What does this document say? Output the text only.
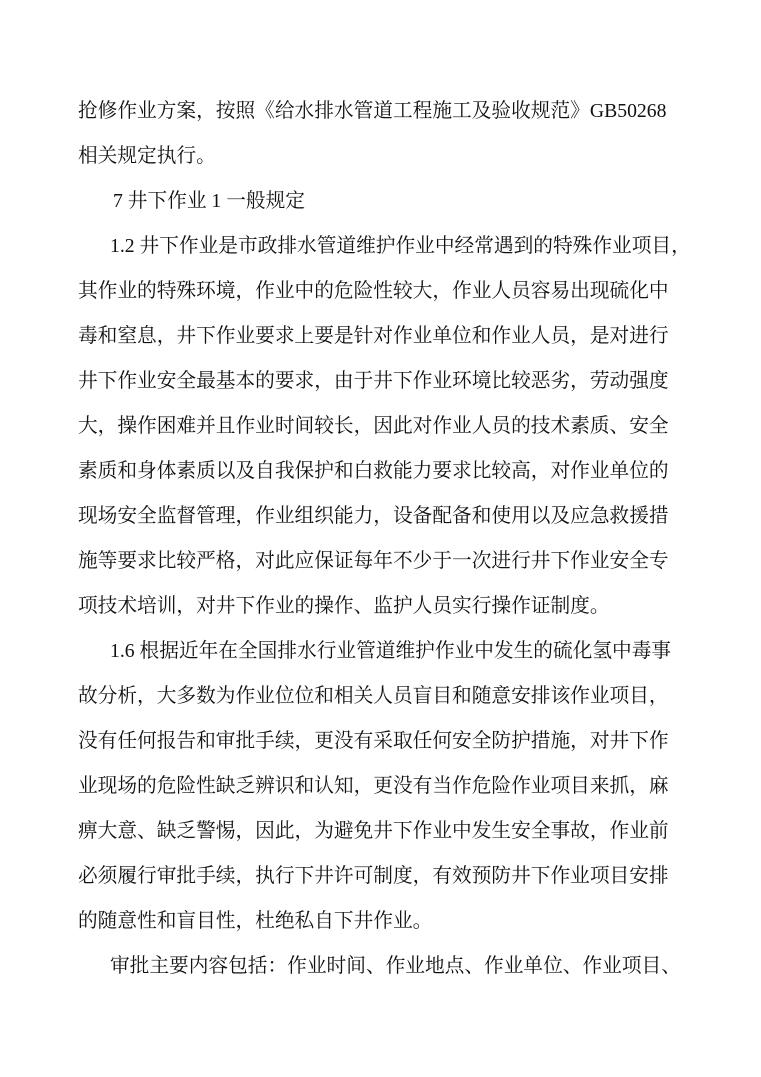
抢修作业方案，按照《给水排水管道工程施工及验收规范》GB50268
相关规定执行。
7 井下作业 1 一般规定
1.2 井下作业是市政排水管道维护作业中经常遇到的特殊作业项目，
其作业的特殊环境，作业中的危险性较大，作业人员容易出现硫化中
毒和窒息，井下作业要求上要是针对作业单位和作业人员，是对进行
井下作业安全最基本的要求，由于井下作业环境比较恶劣，劳动强度
大，操作困难并且作业时间较长，因此对作业人员的技术素质、安全
素质和身体素质以及自我保护和白救能力要求比较高，对作业单位的
现场安全监督管理，作业组织能力，设备配备和使用以及应急救援措
施等要求比较严格，对此应保证每年不少于一次进行井下作业安全专
项技术培训，对井下作业的操作、监护人员实行操作证制度。
1.6 根据近年在全国排水行业管道维护作业中发生的硫化氢中毒事
故分析，大多数为作业位位和相关人员盲目和随意安排该作业项目，
没有任何报告和审批手续，更没有采取任何安全防护措施，对井下作
业现场的危险性缺乏辨识和认知，更没有当作危险作业项目来抓，麻
痹大意、缺乏警惕，因此，为避免井下作业中发生安全事故，作业前
必须履行审批手续，执行下井许可制度，有效预防井下作业项目安排
的随意性和盲目性，杜绝私自下井作业。
审批主要内容包括：作业时间、作业地点、作业单位、作业项目、
